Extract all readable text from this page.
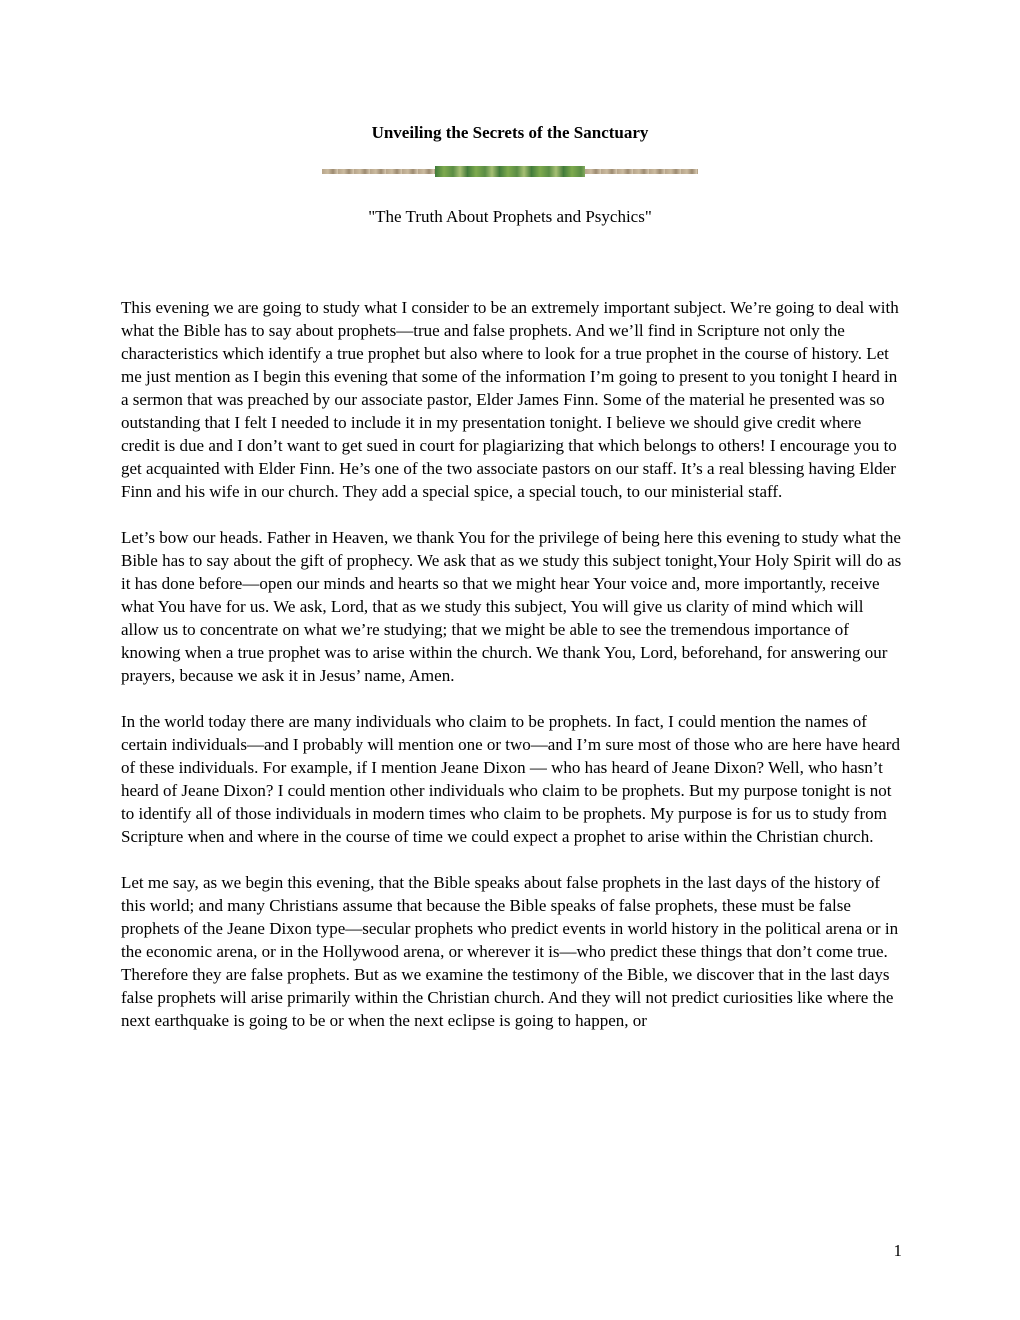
Unveiling the Secrets of the Sanctuary
"The Truth About Prophets and Psychics"

This evening we are going to study what I consider to be an extremely important subject. We’re going to deal with what the Bible has to say about prophets—true and false prophets. And we’ll find in Scripture not only the characteristics which identify a true prophet but also where to look for a true prophet in the course of history. Let me just mention as I begin this evening that some of the information I’m going to present to you tonight I heard in a sermon that was preached by our associate pastor, Elder James Finn. Some of the material he presented was so outstanding that I felt I needed to include it in my presentation tonight. I believe we should give credit where credit is due and I don’t want to get sued in court for plagiarizing that which belongs to others! I encourage you to get acquainted with Elder Finn. He’s one of the two associate pastors on our staff. It’s a real blessing having Elder Finn and his wife in our church. They add a special spice, a special touch, to our ministerial staff.

Let’s bow our heads. Father in Heaven, we thank You for the privilege of being here this evening to study what the Bible has to say about the gift of prophecy. We ask that as we study this subject tonight,Your Holy Spirit will do as it has done before—open our minds and hearts so that we might hear Your voice and, more importantly, receive what You have for us. We ask, Lord, that as we study this subject, You will give us clarity of mind which will allow us to concentrate on what we’re studying; that we might be able to see the tremendous importance of knowing when a true prophet was to arise within the church. We thank You, Lord, beforehand, for answering our prayers, because we ask it in Jesus’ name, Amen.

In the world today there are many individuals who claim to be prophets. In fact, I could mention the names of certain individuals—and I probably will mention one or two—and I’m sure most of those who are here have heard of these individuals. For example, if I mention Jeane Dixon — who has heard of Jeane Dixon? Well, who hasn’t heard of Jeane Dixon? I could mention other individuals who claim to be prophets. But my purpose tonight is not to identify all of those individuals in modern times who claim to be prophets. My purpose is for us to study from Scripture when and where in the course of time we could expect a prophet to arise within the Christian church.

Let me say, as we begin this evening, that the Bible speaks about false prophets in the last days of the history of this world; and many Christians assume that because the Bible speaks of false prophets, these must be false prophets of the Jeane Dixon type—secular prophets who predict events in world history in the political arena or in the economic arena, or in the Hollywood arena, or wherever it is—who predict these things that don’t come true. Therefore they are false prophets. But as we examine the testimony of the Bible, we discover that in the last days false prophets will arise primarily within the Christian church. And they will not predict curiosities like where the next earthquake is going to be or when the next eclipse is going to happen, or

1
